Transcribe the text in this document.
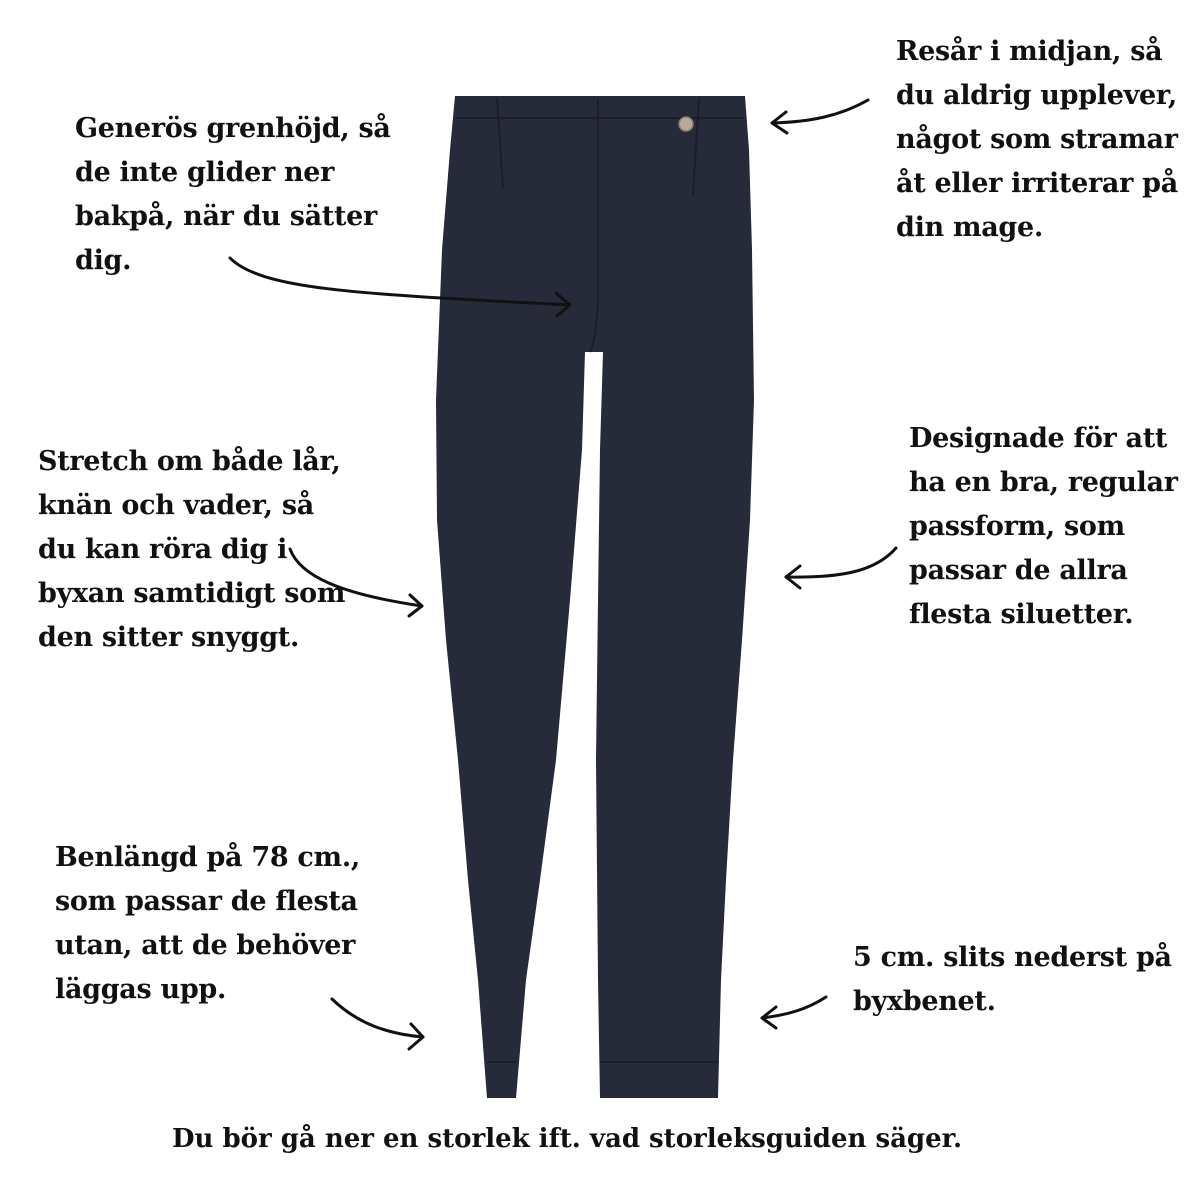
Generös grenhöjd, så
de inte glider ner
bakpå, när du sätter
dig.
Resår i midjan, så
du aldrig upplever,
något som stramar
åt eller irriterar på
din mage.
Stretch om både lår,
knän och vader, så
du kan röra dig i
byxan samtidigt som
den sitter snyggt.
Designade för att
ha en bra, regular
passform, som
passar de allra
flesta siluetter.
Benlängd på 78 cm.,
som passar de flesta
utan, att de behöver
läggas upp.
5 cm. slits nederst på
byxbenet.
Du bör gå ner en storlek ift. vad storleksguiden säger.
